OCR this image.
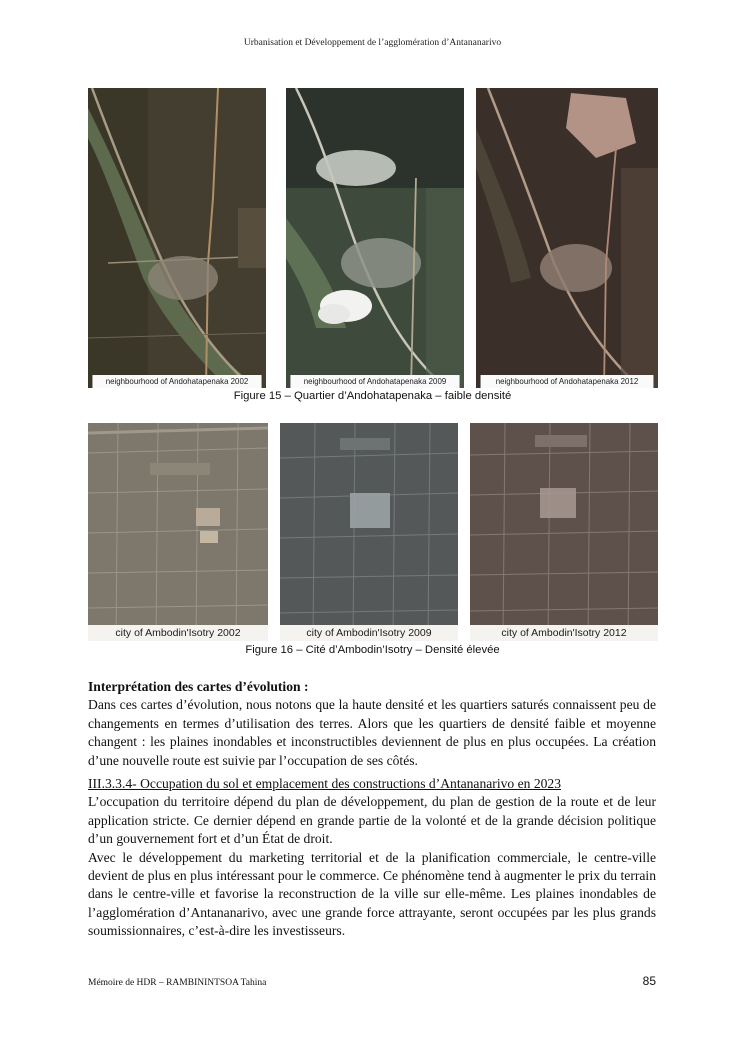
Urbanisation et Développement de l’agglomération d’Antananarivo
neighbourhood of Andohatapenaka 2002	neighbourhood of Andohatapenaka 2009	neighbourhood of Andohatapenaka 2012
Figure 15 – Quartier d’Andohatapenaka – faible densité
city of Ambodin'Isotry 2002	city of Ambodin'Isotry 2009	city of Ambodin'Isotry 2012
Figure 16 – Cité d’Ambodin’Isotry – Densité élevée

Interprétation des cartes d’évolution :

Dans ces cartes d’évolution, nous notons que la haute densité et les quartiers saturés connaissent peu de changements en termes d’utilisation des terres. Alors que les quartiers de densité faible et moyenne changent : les plaines inondables et inconstructibles deviennent de plus en plus occupées. La création d’une nouvelle route est suivie par l’occupation de ses côtés.

III.3.3.4- Occupation du sol et emplacement des constructions d’Antananarivo en 2023

L’occupation du territoire dépend du plan de développement, du plan de gestion de la route et de leur application stricte. Ce dernier dépend en grande partie de la volonté et de la grande décision politique d’un gouvernement fort et d’un État de droit.

Avec le développement du marketing territorial et de la planification commerciale, le centre-ville devient de plus en plus intéressant pour le commerce. Ce phénomène tend à augmenter le prix du terrain dans le centre-ville et favorise la reconstruction de la ville sur elle-même. Les plaines inondables de l’agglomération d’Antananarivo, avec une grande force attrayante, seront occupées par les plus grands soumissionnaires, c’est-à-dire les investisseurs.

Mémoire de HDR – RAMBININTSOA Tahina	85
